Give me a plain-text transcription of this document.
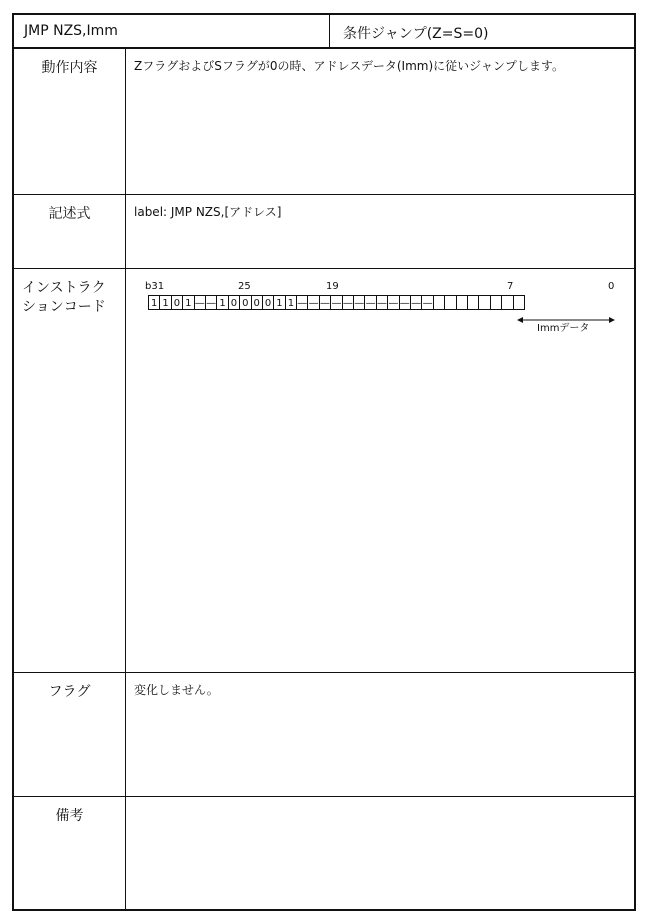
JMP NZS,Imm	条件ジャンプ(Z=S=0)
動作内容	ZフラグおよびSフラグが0の時、アドレスデータ(Imm)に従いジャンプします。
記述式	label: JMP NZS,[アドレス]
インストラク
ションコード
b31	25	19	7	0
1 1 0 1 — — 1 0 0 0 0 1 1 — — — — — — — — — — — —
Immデータ
フラグ	変化しません。
備考
